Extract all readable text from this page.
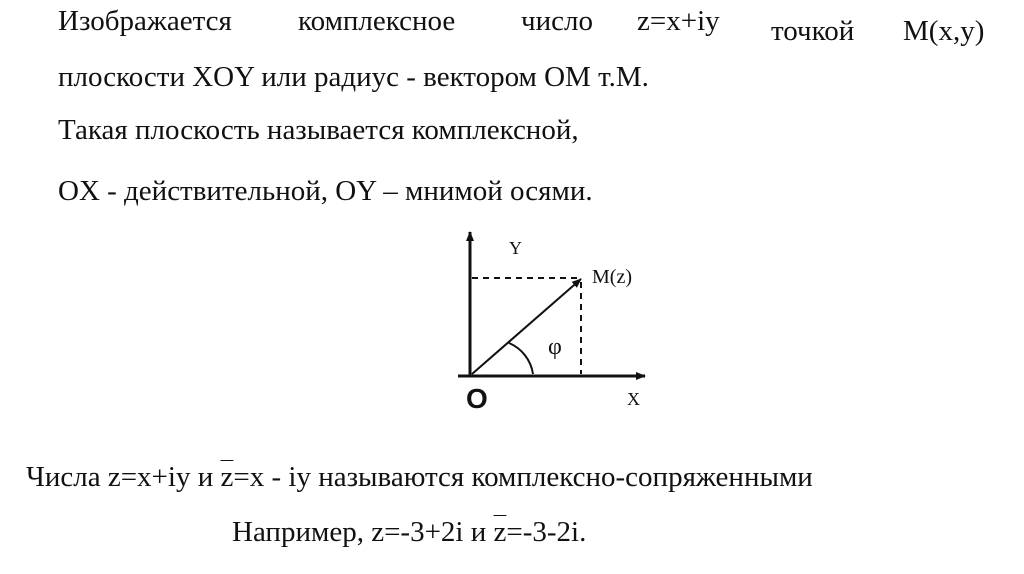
Изображается комплексное число z=x+iy точкой M(x,y)
плоскости XOY или радиус - вектором OM т.М.
Такая плоскость называется комплексной,
OX - действительной, OY – мнимой осями.
Y
M(z)
φ
O	X
Числа z=x+iy и $\overline{z}=x$ - iy называются комплексно-сопряженными
Например, z=-3+2i и $\overline{z}=-3-2i$.
